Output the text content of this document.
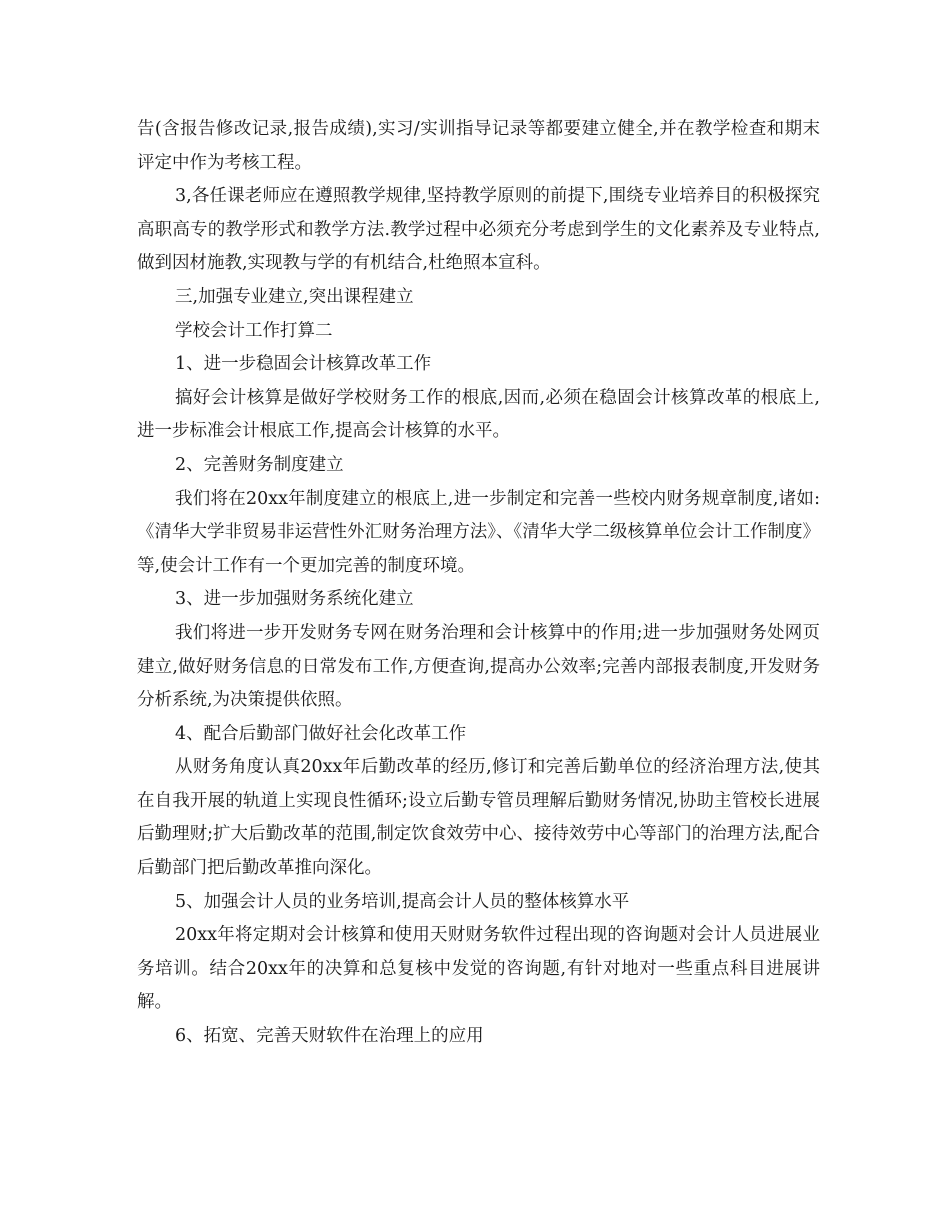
告(含报告修改记录,报告成绩),实习/实训指导记录等都要建立健全,并在教学检查和期末评定中作为考核工程。

3,各任课老师应在遵照教学规律,坚持教学原则的前提下,围绕专业培养目的积极探究高职高专的教学形式和教学方法.教学过程中必须充分考虑到学生的文化素养及专业特点,做到因材施教,实现教与学的有机结合,杜绝照本宣科。

三,加强专业建立,突出课程建立

学校会计工作打算二

1、进一步稳固会计核算改革工作

搞好会计核算是做好学校财务工作的根底,因而,必须在稳固会计核算改革的根底上,进一步标准会计根底工作,提高会计核算的水平。

2、完善财务制度建立

我们将在20xx年制度建立的根底上,进一步制定和完善一些校内财务规章制度,诸如:《清华大学非贸易非运营性外汇财务治理方法》、《清华大学二级核算单位会计工作制度》等,使会计工作有一个更加完善的制度环境。

3、进一步加强财务系统化建立

我们将进一步开发财务专网在财务治理和会计核算中的作用;进一步加强财务处网页建立,做好财务信息的日常发布工作,方便查询,提高办公效率;完善内部报表制度,开发财务分析系统,为决策提供依照。

4、配合后勤部门做好社会化改革工作

从财务角度认真20xx年后勤改革的经历,修订和完善后勤单位的经济治理方法,使其在自我开展的轨道上实现良性循环;设立后勤专管员理解后勤财务情况,协助主管校长进展后勤理财;扩大后勤改革的范围,制定饮食效劳中心、接待效劳中心等部门的治理方法,配合后勤部门把后勤改革推向深化。

5、加强会计人员的业务培训,提高会计人员的整体核算水平

20xx年将定期对会计核算和使用天财财务软件过程出现的咨询题对会计人员进展业务培训。结合20xx年的决算和总复核中发觉的咨询题,有针对地对一些重点科目进展讲解。

6、拓宽、完善天财软件在治理上的应用
